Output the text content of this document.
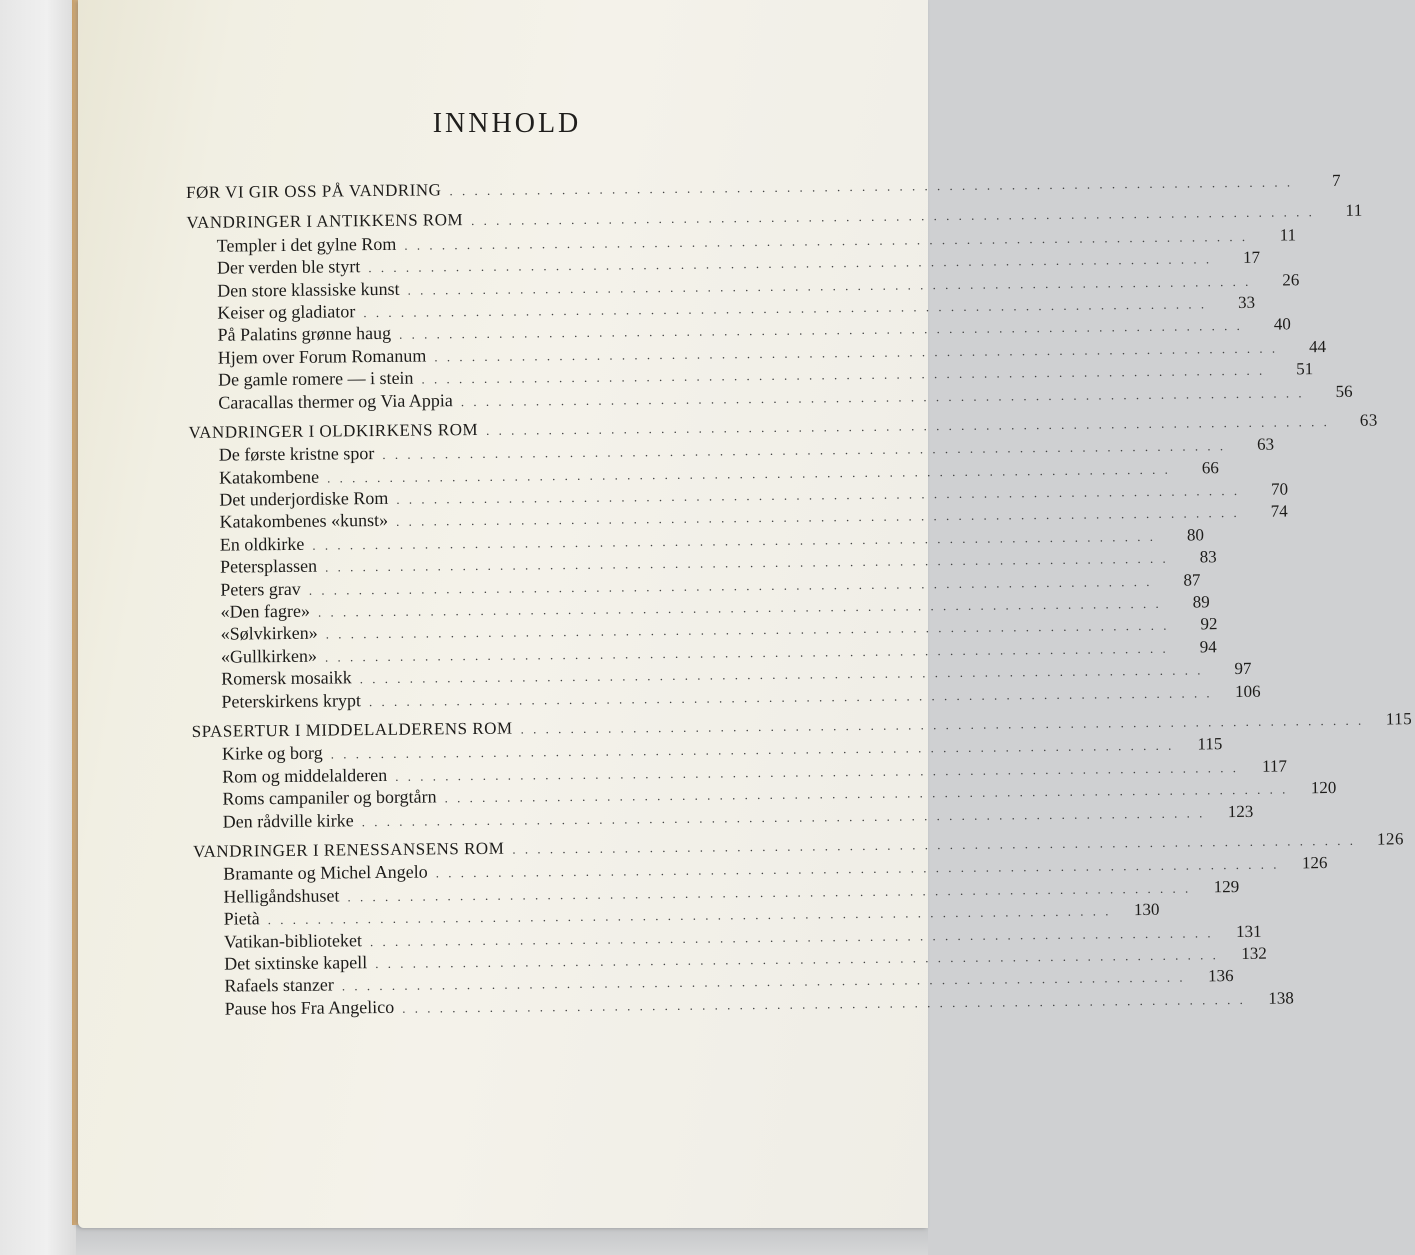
INNHOLD
FØR VI GIR OSS PÅ VANDRING . . . . . . . . . . . . . . . . . . . . . . . . . . . . . . . . . . . . . . . . . . . . . . . . . . . . . . . . . . . . . . . . . . . .	7
VANDRINGER I ANTIKKENS ROM . . . . . . . . . . . . . . . . . . . . . . . . . . . . . . . . . . . . . . . . . . . . . . . . . . . . . . . . . . . . . . . . . . . .	11
Templer i det gylne Rom . . . . . . . . . . . . . . . . . . . . . . . . . . . . . . . . . . . . . . . . . . . . . . . . . . . . . . . . . . . . . . . . . . . .	11
Der verden ble styrt . . . . . . . . . . . . . . . . . . . . . . . . . . . . . . . . . . . . . . . . . . . . . . . . . . . . . . . . . . . . . . . . . . . .	17
Den store klassiske kunst . . . . . . . . . . . . . . . . . . . . . . . . . . . . . . . . . . . . . . . . . . . . . . . . . . . . . . . . . . . . . . . . . . . .	26
Keiser og gladiator . . . . . . . . . . . . . . . . . . . . . . . . . . . . . . . . . . . . . . . . . . . . . . . . . . . . . . . . . . . . . . . . . . . .	33
På Palatins grønne haug . . . . . . . . . . . . . . . . . . . . . . . . . . . . . . . . . . . . . . . . . . . . . . . . . . . . . . . . . . . . . . . . . . . .	40
Hjem over Forum Romanum . . . . . . . . . . . . . . . . . . . . . . . . . . . . . . . . . . . . . . . . . . . . . . . . . . . . . . . . . . . . . . . . . . . .	44
De gamle romere — i stein . . . . . . . . . . . . . . . . . . . . . . . . . . . . . . . . . . . . . . . . . . . . . . . . . . . . . . . . . . . . . . . . . . . .	51
Caracallas thermer og Via Appia . . . . . . . . . . . . . . . . . . . . . . . . . . . . . . . . . . . . . . . . . . . . . . . . . . . . . . . . . . . . . . . . . . . .	56
VANDRINGER I OLDKIRKENS ROM . . . . . . . . . . . . . . . . . . . . . . . . . . . . . . . . . . . . . . . . . . . . . . . . . . . . . . . . . . . . . . . . . . . .	63
De første kristne spor . . . . . . . . . . . . . . . . . . . . . . . . . . . . . . . . . . . . . . . . . . . . . . . . . . . . . . . . . . . . . . . . . . . .	63
Katakombene . . . . . . . . . . . . . . . . . . . . . . . . . . . . . . . . . . . . . . . . . . . . . . . . . . . . . . . . . . . . . . . . . . . .	66
Det underjordiske Rom . . . . . . . . . . . . . . . . . . . . . . . . . . . . . . . . . . . . . . . . . . . . . . . . . . . . . . . . . . . . . . . . . . . .	70
Katakombenes «kunst» . . . . . . . . . . . . . . . . . . . . . . . . . . . . . . . . . . . . . . . . . . . . . . . . . . . . . . . . . . . . . . . . . . . .	74
En oldkirke . . . . . . . . . . . . . . . . . . . . . . . . . . . . . . . . . . . . . . . . . . . . . . . . . . . . . . . . . . . . . . . . . . . .	80
Petersplassen . . . . . . . . . . . . . . . . . . . . . . . . . . . . . . . . . . . . . . . . . . . . . . . . . . . . . . . . . . . . . . . . . . . .	83
Peters grav . . . . . . . . . . . . . . . . . . . . . . . . . . . . . . . . . . . . . . . . . . . . . . . . . . . . . . . . . . . . . . . . . . . .	87
«Den fagre» . . . . . . . . . . . . . . . . . . . . . . . . . . . . . . . . . . . . . . . . . . . . . . . . . . . . . . . . . . . . . . . . . . . .	89
«Sølvkirken» . . . . . . . . . . . . . . . . . . . . . . . . . . . . . . . . . . . . . . . . . . . . . . . . . . . . . . . . . . . . . . . . . . . .	92
«Gullkirken» . . . . . . . . . . . . . . . . . . . . . . . . . . . . . . . . . . . . . . . . . . . . . . . . . . . . . . . . . . . . . . . . . . . .	94
Romersk mosaikk . . . . . . . . . . . . . . . . . . . . . . . . . . . . . . . . . . . . . . . . . . . . . . . . . . . . . . . . . . . . . . . . . . . .	97
Peterskirkens krypt . . . . . . . . . . . . . . . . . . . . . . . . . . . . . . . . . . . . . . . . . . . . . . . . . . . . . . . . . . . . . . . . . . . .	106
SPASERTUR I MIDDELALDERENS ROM . . . . . . . . . . . . . . . . . . . . . . . . . . . . . . . . . . . . . . . . . . . . . . . . . . . . . . . . . . . . . . . . . . . .	115
Kirke og borg . . . . . . . . . . . . . . . . . . . . . . . . . . . . . . . . . . . . . . . . . . . . . . . . . . . . . . . . . . . . . . . . . . . .	115
Rom og middelalderen . . . . . . . . . . . . . . . . . . . . . . . . . . . . . . . . . . . . . . . . . . . . . . . . . . . . . . . . . . . . . . . . . . . .	117
Roms campaniler og borgtårn . . . . . . . . . . . . . . . . . . . . . . . . . . . . . . . . . . . . . . . . . . . . . . . . . . . . . . . . . . . . . . . . . . . .	120
Den rådville kirke . . . . . . . . . . . . . . . . . . . . . . . . . . . . . . . . . . . . . . . . . . . . . . . . . . . . . . . . . . . . . . . . . . . .	123
VANDRINGER I RENESSANSENS ROM . . . . . . . . . . . . . . . . . . . . . . . . . . . . . . . . . . . . . . . . . . . . . . . . . . . . . . . . . . . . . . . . . . . .	126
Bramante og Michel Angelo . . . . . . . . . . . . . . . . . . . . . . . . . . . . . . . . . . . . . . . . . . . . . . . . . . . . . . . . . . . . . . . . . . . .	126
Helligåndshuset . . . . . . . . . . . . . . . . . . . . . . . . . . . . . . . . . . . . . . . . . . . . . . . . . . . . . . . . . . . . . . . . . . . .	129
Pietà . . . . . . . . . . . . . . . . . . . . . . . . . . . . . . . . . . . . . . . . . . . . . . . . . . . . . . . . . . . . . . . . . . . .	130
Vatikan-biblioteket . . . . . . . . . . . . . . . . . . . . . . . . . . . . . . . . . . . . . . . . . . . . . . . . . . . . . . . . . . . . . . . . . . . .	131
Det sixtinske kapell . . . . . . . . . . . . . . . . . . . . . . . . . . . . . . . . . . . . . . . . . . . . . . . . . . . . . . . . . . . . . . . . . . . .	132
Rafaels stanzer . . . . . . . . . . . . . . . . . . . . . . . . . . . . . . . . . . . . . . . . . . . . . . . . . . . . . . . . . . . . . . . . . . . .	136
Pause hos Fra Angelico . . . . . . . . . . . . . . . . . . . . . . . . . . . . . . . . . . . . . . . . . . . . . . . . . . . . . . . . . . . . . . . . . . . .	138
